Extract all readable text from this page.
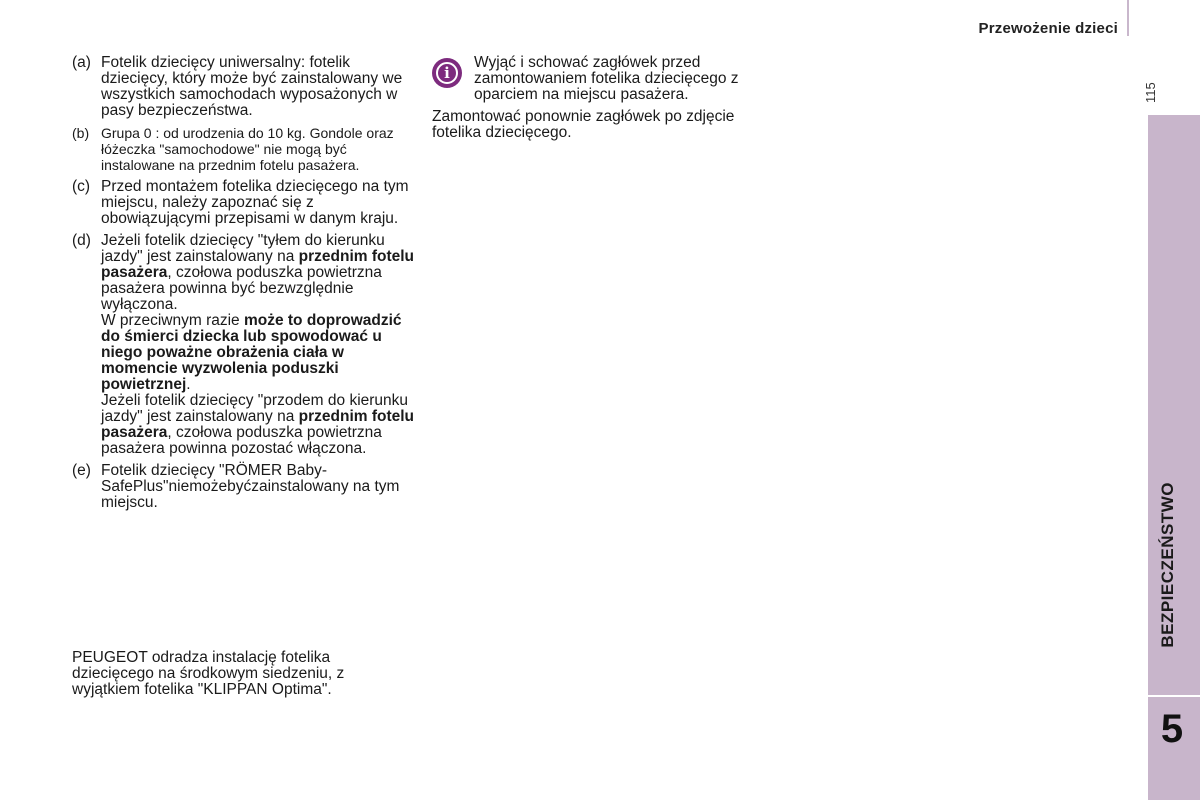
Przewożenie dzieci
115
BEZPIECZEŃSTWO
5
(a) Fotelik dziecięcy uniwersalny: fotelik dziecięcy, który może być zainstalowany we wszystkich samochodach wyposażonych w pasy bezpieczeństwa.
(b) Grupa 0 : od urodzenia do 10 kg. Gondole oraz łóżeczka "samochodowe" nie mogą być instalowane na przednim fotelu pasażera.
(c) Przed montażem fotelika dziecięcego na tym miejscu, należy zapoznać się z obowiązującymi przepisami w danym kraju.
(d) Jeżeli fotelik dziecięcy "tyłem do kierunku jazdy" jest zainstalowany na przednim fotelu pasażera, czołowa poduszka powietrzna pasażera powinna być bezwzględnie wyłączona.
W przeciwnym razie może to doprowadzić do śmierci dziecka lub spowodować u niego poważne obrażenia ciała w momencie wyzwolenia poduszki powietrznej.
Jeżeli fotelik dziecięcy "przodem do kierunku jazdy" jest zainstalowany na przednim fotelu pasażera, czołowa poduszka powietrzna pasażera powinna pozostać włączona.
(e) Fotelik dziecięcy "RÖMER Baby-SafePlus"niemożebyćzainstalowany na tym miejscu.
PEUGEOT odradza instalację fotelika dziecięcego na środkowym siedzeniu, z wyjątkiem fotelika "KLIPPAN Optima".
i
Wyjąć i schować zagłówek przed zamontowaniem fotelika dziecięcego z oparciem na miejscu pasażera.
Zamontować ponownie zagłówek po zdjęcie fotelika dziecięcego.
